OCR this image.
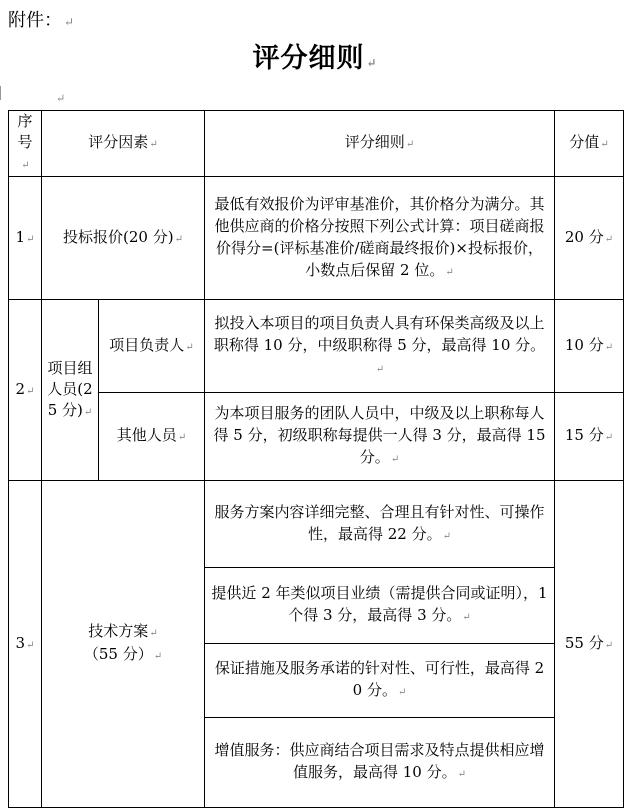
附件： ↵
评分细则 ↵
↵
序号↵	评分因素↵		评分细则↵	分值↵
1↵	投标报价(20 分)↵		最低有效报价为评审基准价，其价格分为满分。其他供应商的价格分按照下列公式计算：项目磋商报价得分=(评标基准价/磋商最终报价)×投标报价，小数点后保留 2 位。↵	20 分↵
2↵	项目组人员(25 分)↵	项目负责人↵	拟投入本项目的项目负责人具有环保类高级及以上职称得 10 分，中级职称得 5 分，最高得 10 分。↵	10 分↵
		其他人员↵	为本项目服务的团队人员中，中级及以上职称每人得 5 分，初级职称每提供一人得 3 分，最高得 15 分。↵	15 分↵
3↵	技术方案↵
（55 分）↵		服务方案内容详细完整、合理且有针对性、可操作性，最高得 22 分。↵	55 分↵
			提供近 2 年类似项目业绩（需提供合同或证明），1 个得 3 分，最高得 3 分。↵	
			保证措施及服务承诺的针对性、可行性，最高得 20 分。↵	
			增值服务：供应商结合项目需求及特点提供相应增值服务，最高得 10 分。↵	
